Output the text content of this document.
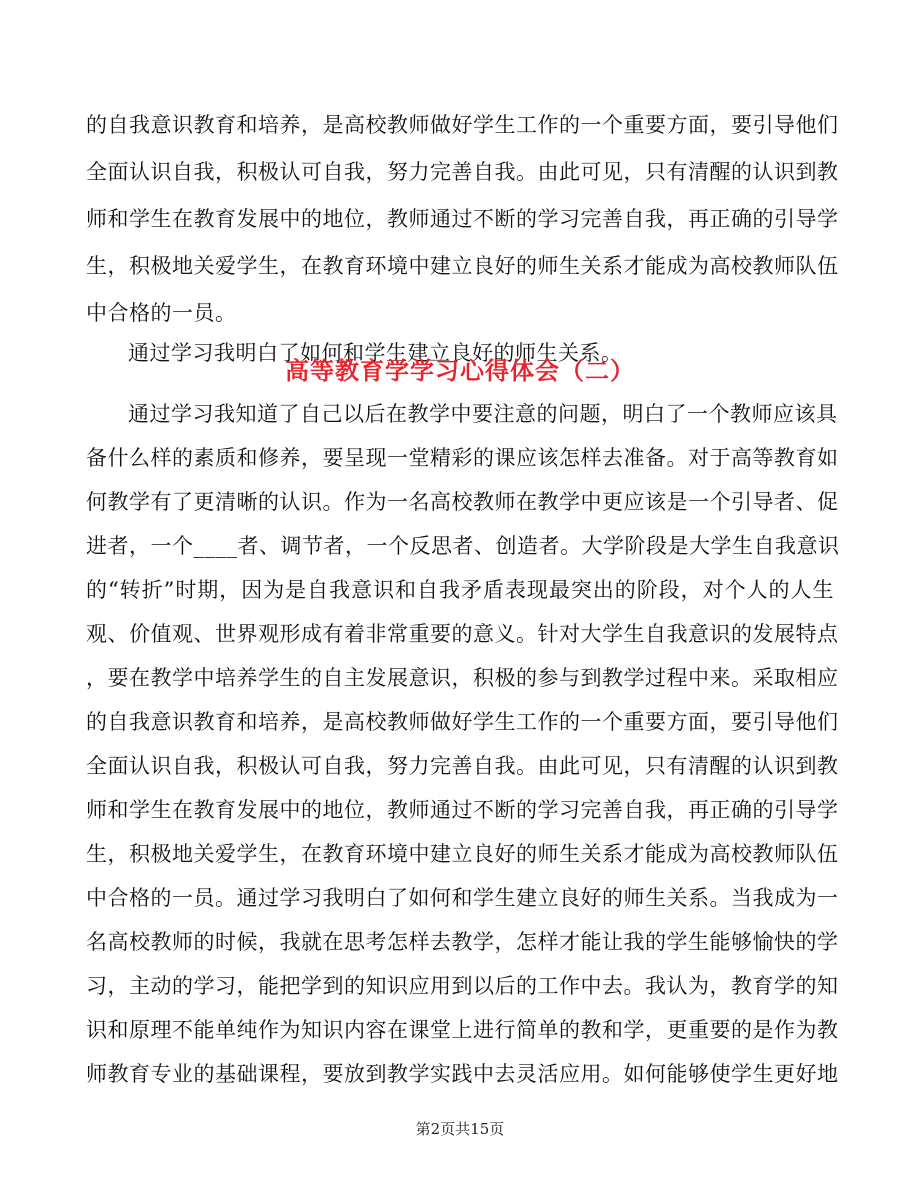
的自我意识教育和培养，是高校教师做好学生工作的一个重要方面，要引导他们
全面认识自我，积极认可自我，努力完善自我。由此可见，只有清醒的认识到教
师和学生在教育发展中的地位，教师通过不断的学习完善自我，再正确的引导学
生，积极地关爱学生，在教育环境中建立良好的师生关系才能成为高校教师队伍
中合格的一员。
通过学习我明白了如何和学生建立良好的师生关系。
高等教育学学习心得体会（二）
通过学习我知道了自己以后在教学中要注意的问题，明白了一个教师应该具
备什么样的素质和修养，要呈现一堂精彩的课应该怎样去准备。对于高等教育如
何教学有了更清晰的认识。作为一名高校教师在教学中更应该是一个引导者、促
进者，一个____者、调节者，一个反思者、创造者。大学阶段是大学生自我意识
的“转折”时期，因为是自我意识和自我矛盾表现最突出的阶段，对个人的人生
观、价值观、世界观形成有着非常重要的意义。针对大学生自我意识的发展特点
，要在教学中培养学生的自主发展意识，积极的参与到教学过程中来。采取相应
的自我意识教育和培养，是高校教师做好学生工作的一个重要方面，要引导他们
全面认识自我，积极认可自我，努力完善自我。由此可见，只有清醒的认识到教
师和学生在教育发展中的地位，教师通过不断的学习完善自我，再正确的引导学
生，积极地关爱学生，在教育环境中建立良好的师生关系才能成为高校教师队伍
中合格的一员。通过学习我明白了如何和学生建立良好的师生关系。当我成为一
名高校教师的时候，我就在思考怎样去教学，怎样才能让我的学生能够愉快的学
习，主动的学习，能把学到的知识应用到以后的工作中去。我认为，教育学的知
识和原理不能单纯作为知识内容在课堂上进行简单的教和学，更重要的是作为教
师教育专业的基础课程，要放到教学实践中去灵活应用。如何能够使学生更好地
第2页共15页
